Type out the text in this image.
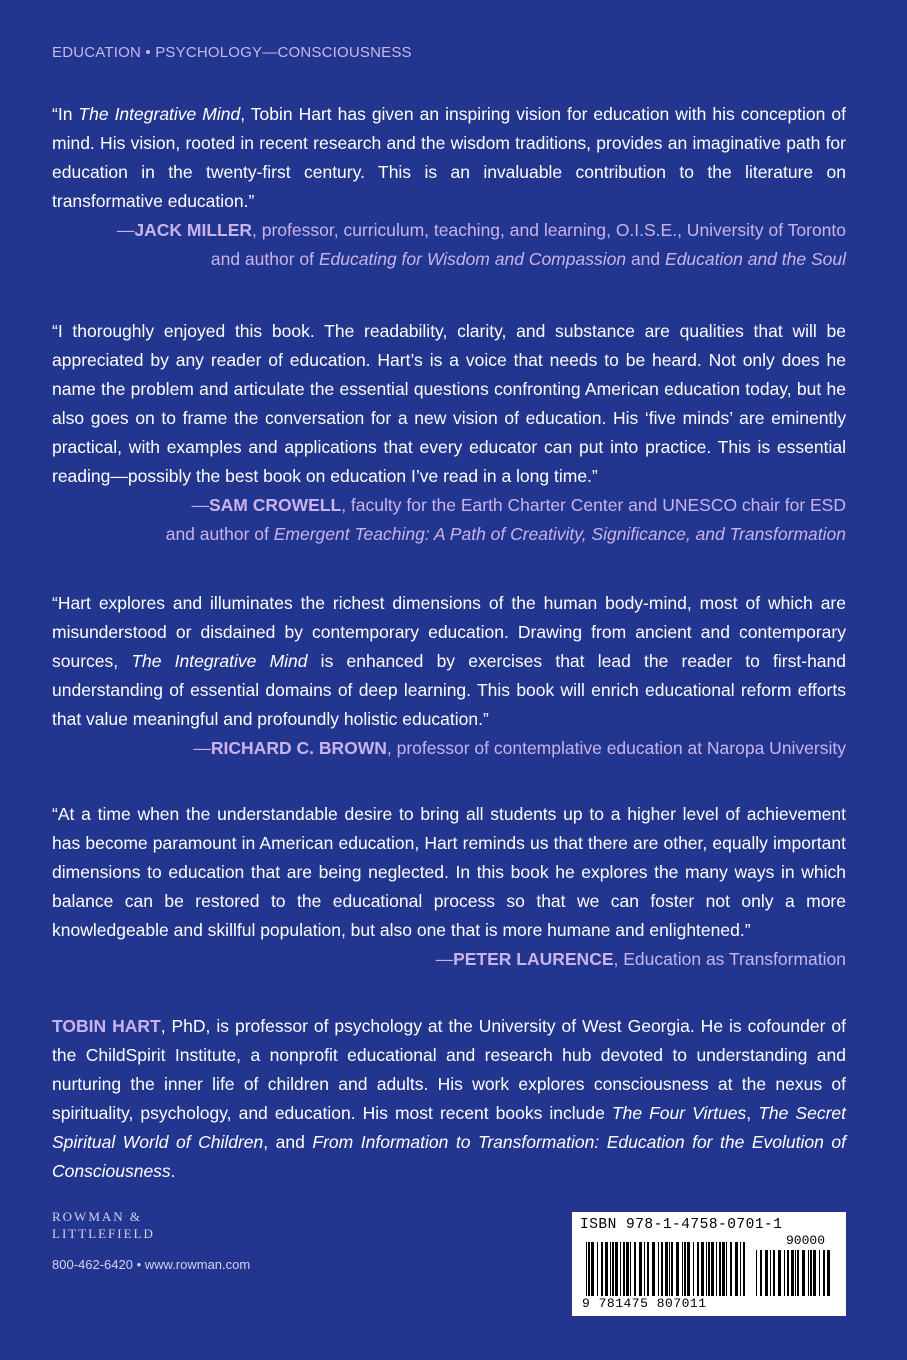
EDUCATION • PSYCHOLOGY—CONSCIOUSNESS
“In The Integrative Mind, Tobin Hart has given an inspiring vision for education with his conception of mind. His vision, rooted in recent research and the wisdom traditions, provides an imaginative path for education in the twenty-first century. This is an invaluable contribution to the literature on transformative education.”
—JACK MILLER, professor, curriculum, teaching, and learning, O.I.S.E., University of Toronto
and author of Educating for Wisdom and Compassion and Education and the Soul
“I thoroughly enjoyed this book. The readability, clarity, and substance are qualities that will be appreciated by any reader of education. Hart’s is a voice that needs to be heard. Not only does he name the problem and articulate the essential questions confronting American education today, but he also goes on to frame the conversation for a new vision of education. His ‘five minds’ are eminently practical, with examples and applications that every educator can put into practice. This is essential reading—possibly the best book on education I’ve read in a long time.”
—SAM CROWELL, faculty for the Earth Charter Center and UNESCO chair for ESD
and author of Emergent Teaching: A Path of Creativity, Significance, and Transformation
“Hart explores and illuminates the richest dimensions of the human body-mind, most of which are misunderstood or disdained by contemporary education. Drawing from ancient and contemporary sources, The Integrative Mind is enhanced by exercises that lead the reader to first-hand understanding of essential domains of deep learning. This book will enrich educational reform efforts that value meaningful and profoundly holistic education.”
—RICHARD C. BROWN, professor of contemplative education at Naropa University
“At a time when the understandable desire to bring all students up to a higher level of achievement has become paramount in American education, Hart reminds us that there are other, equally important dimensions to education that are being neglected. In this book he explores the many ways in which balance can be restored to the educational process so that we can foster not only a more knowledgeable and skillful population, but also one that is more humane and enlightened.”
—PETER LAURENCE, Education as Transformation
TOBIN HART, PhD, is professor of psychology at the University of West Georgia. He is cofounder of the ChildSpirit Institute, a nonprofit educational and research hub devoted to understanding and nurturing the inner life of children and adults. His work explores consciousness at the nexus of spirituality, psychology, and education. His most recent books include The Four Virtues, The Secret Spiritual World of Children, and From Information to Transformation: Education for the Evolution of Consciousness.
ROWMAN &
LITTLEFIELD
800-462-6420 • www.rowman.com
ISBN 978-1-4758-0701-1
90000
9 781475 807011
